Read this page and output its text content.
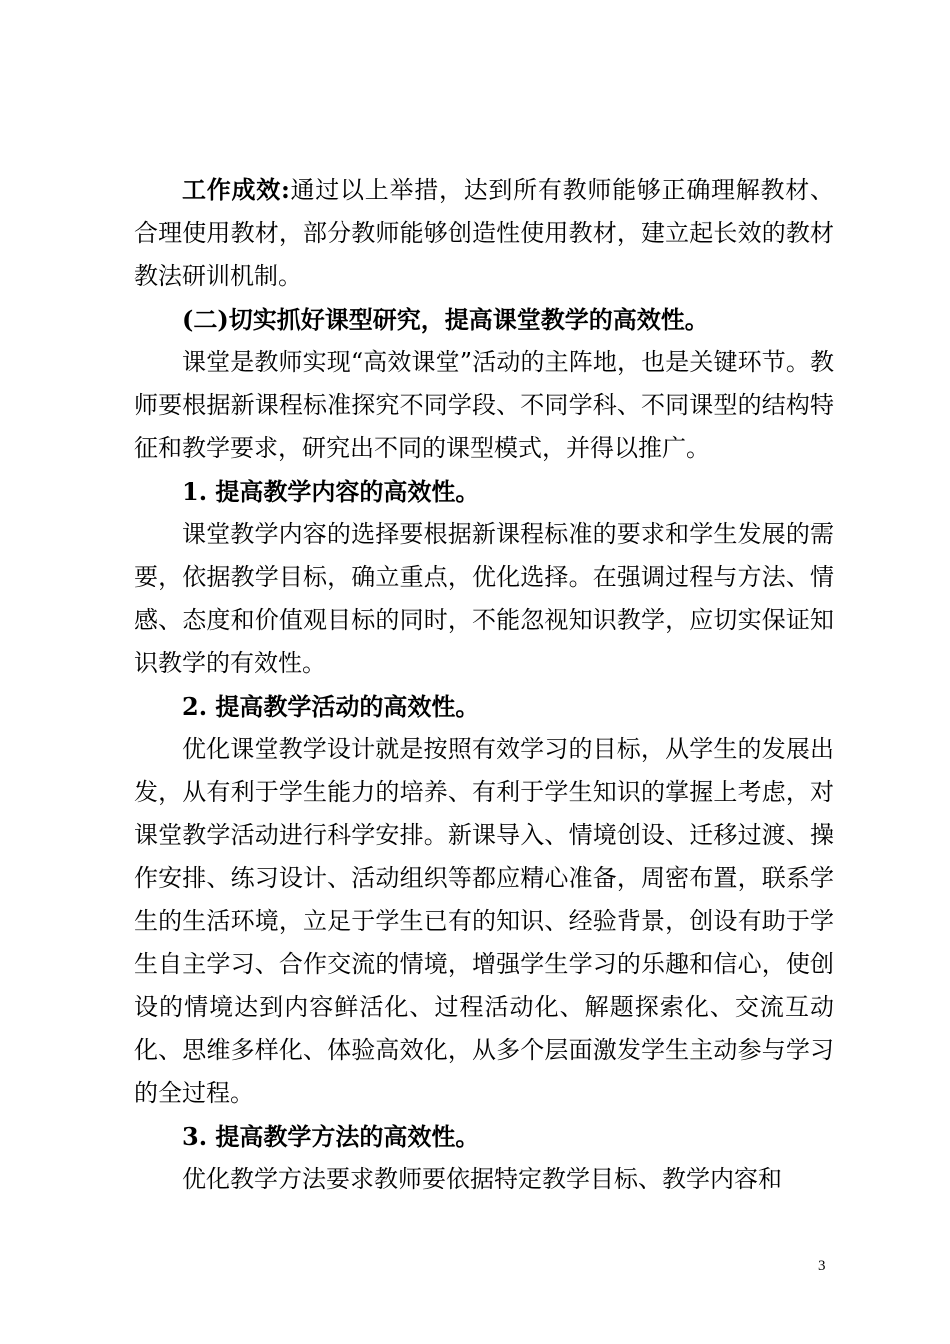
工作成效:通过以上举措，达到所有教师能够正确理解教材、合理使用教材，部分教师能够创造性使用教材，建立起长效的教材教法研训机制。

(二)切实抓好课型研究，提高课堂教学的高效性。

课堂是教师实现“高效课堂”活动的主阵地，也是关键环节。教师要根据新课程标准探究不同学段、不同学科、不同课型的结构特征和教学要求，研究出不同的课型模式，并得以推广。

1. 提高教学内容的高效性。

课堂教学内容的选择要根据新课程标准的要求和学生发展的需要，依据教学目标，确立重点，优化选择。在强调过程与方法、情感、态度和价值观目标的同时，不能忽视知识教学，应切实保证知识教学的有效性。

2. 提高教学活动的高效性。

优化课堂教学设计就是按照有效学习的目标，从学生的发展出发，从有利于学生能力的培养、有利于学生知识的掌握上考虑，对课堂教学活动进行科学安排。新课导入、情境创设、迁移过渡、操作安排、练习设计、活动组织等都应精心准备，周密布置，联系学生的生活环境，立足于学生已有的知识、经验背景，创设有助于学生自主学习、合作交流的情境，增强学生学习的乐趣和信心，使创设的情境达到内容鲜活化、过程活动化、解题探索化、交流互动化、思维多样化、体验高效化，从多个层面激发学生主动参与学习的全过程。

3. 提高教学方法的高效性。

优化教学方法要求教师要依据特定教学目标、教学内容和

3
